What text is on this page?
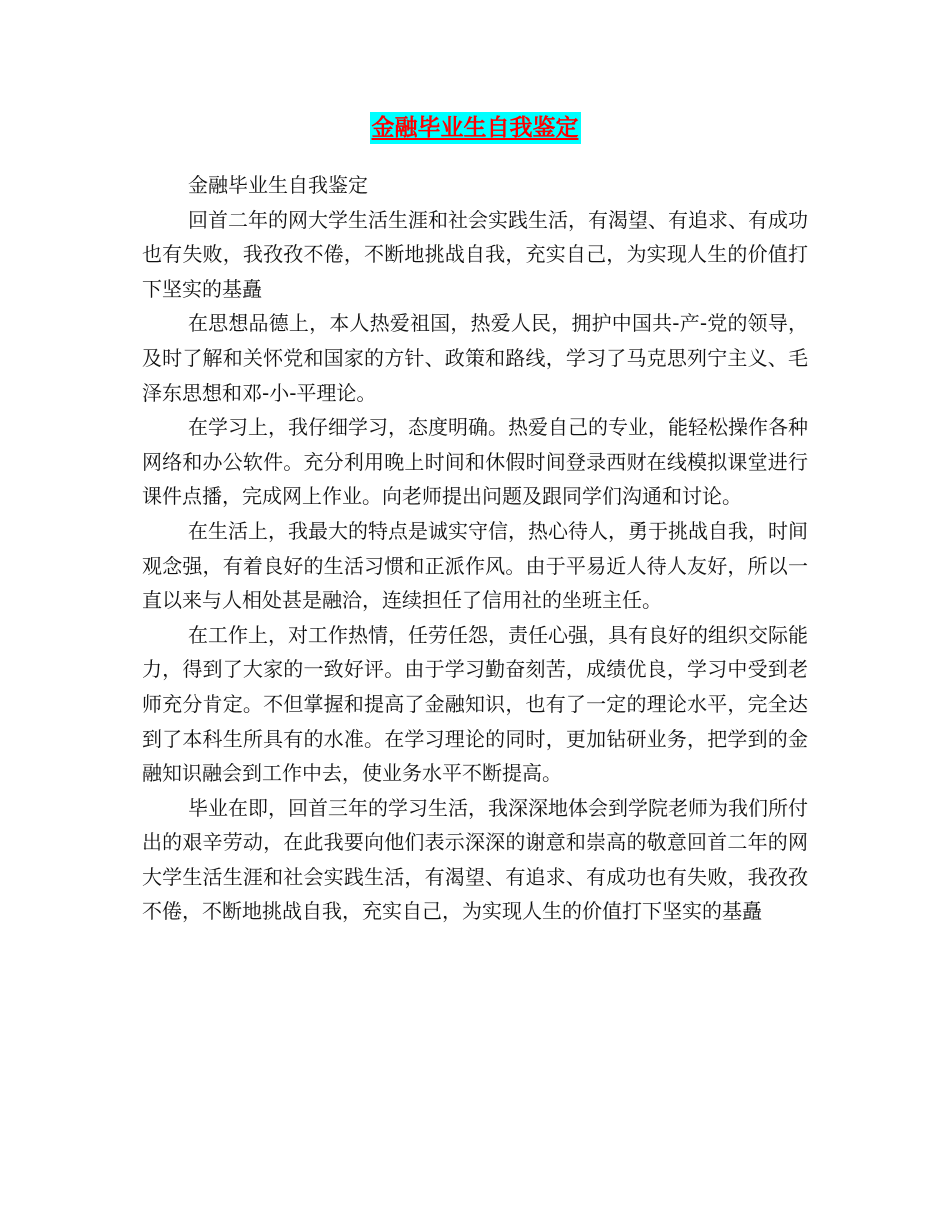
金融毕业生自我鉴定

金融毕业生自我鉴定

回首二年的网大学生活生涯和社会实践生活，有渴望、有追求、有成功也有失败，我孜孜不倦，不断地挑战自我，充实自己，为实现人生的价值打下坚实的基矗

在思想品德上，本人热爱祖国，热爱人民，拥护中国共-产-党的领导，及时了解和关怀党和国家的方针、政策和路线，学习了马克思列宁主义、毛泽东思想和邓-小-平理论。

在学习上，我仔细学习，态度明确。热爱自己的专业，能轻松操作各种网络和办公软件。充分利用晚上时间和休假时间登录西财在线模拟课堂进行课件点播，完成网上作业。向老师提出问题及跟同学们沟通和讨论。

在生活上，我最大的特点是诚实守信，热心待人，勇于挑战自我，时间观念强，有着良好的生活习惯和正派作风。由于平易近人待人友好，所以一直以来与人相处甚是融洽，连续担任了信用社的坐班主任。

在工作上，对工作热情，任劳任怨，责任心强，具有良好的组织交际能力，得到了大家的一致好评。由于学习勤奋刻苦，成绩优良，学习中受到老师充分肯定。不但掌握和提高了金融知识，也有了一定的理论水平，完全达到了本科生所具有的水准。在学习理论的同时，更加钻研业务，把学到的金融知识融会到工作中去，使业务水平不断提高。

毕业在即，回首三年的学习生活，我深深地体会到学院老师为我们所付出的艰辛劳动，在此我要向他们表示深深的谢意和崇高的敬意回首二年的网大学生活生涯和社会实践生活，有渴望、有追求、有成功也有失败，我孜孜不倦，不断地挑战自我，充实自己，为实现人生的价值打下坚实的基矗
